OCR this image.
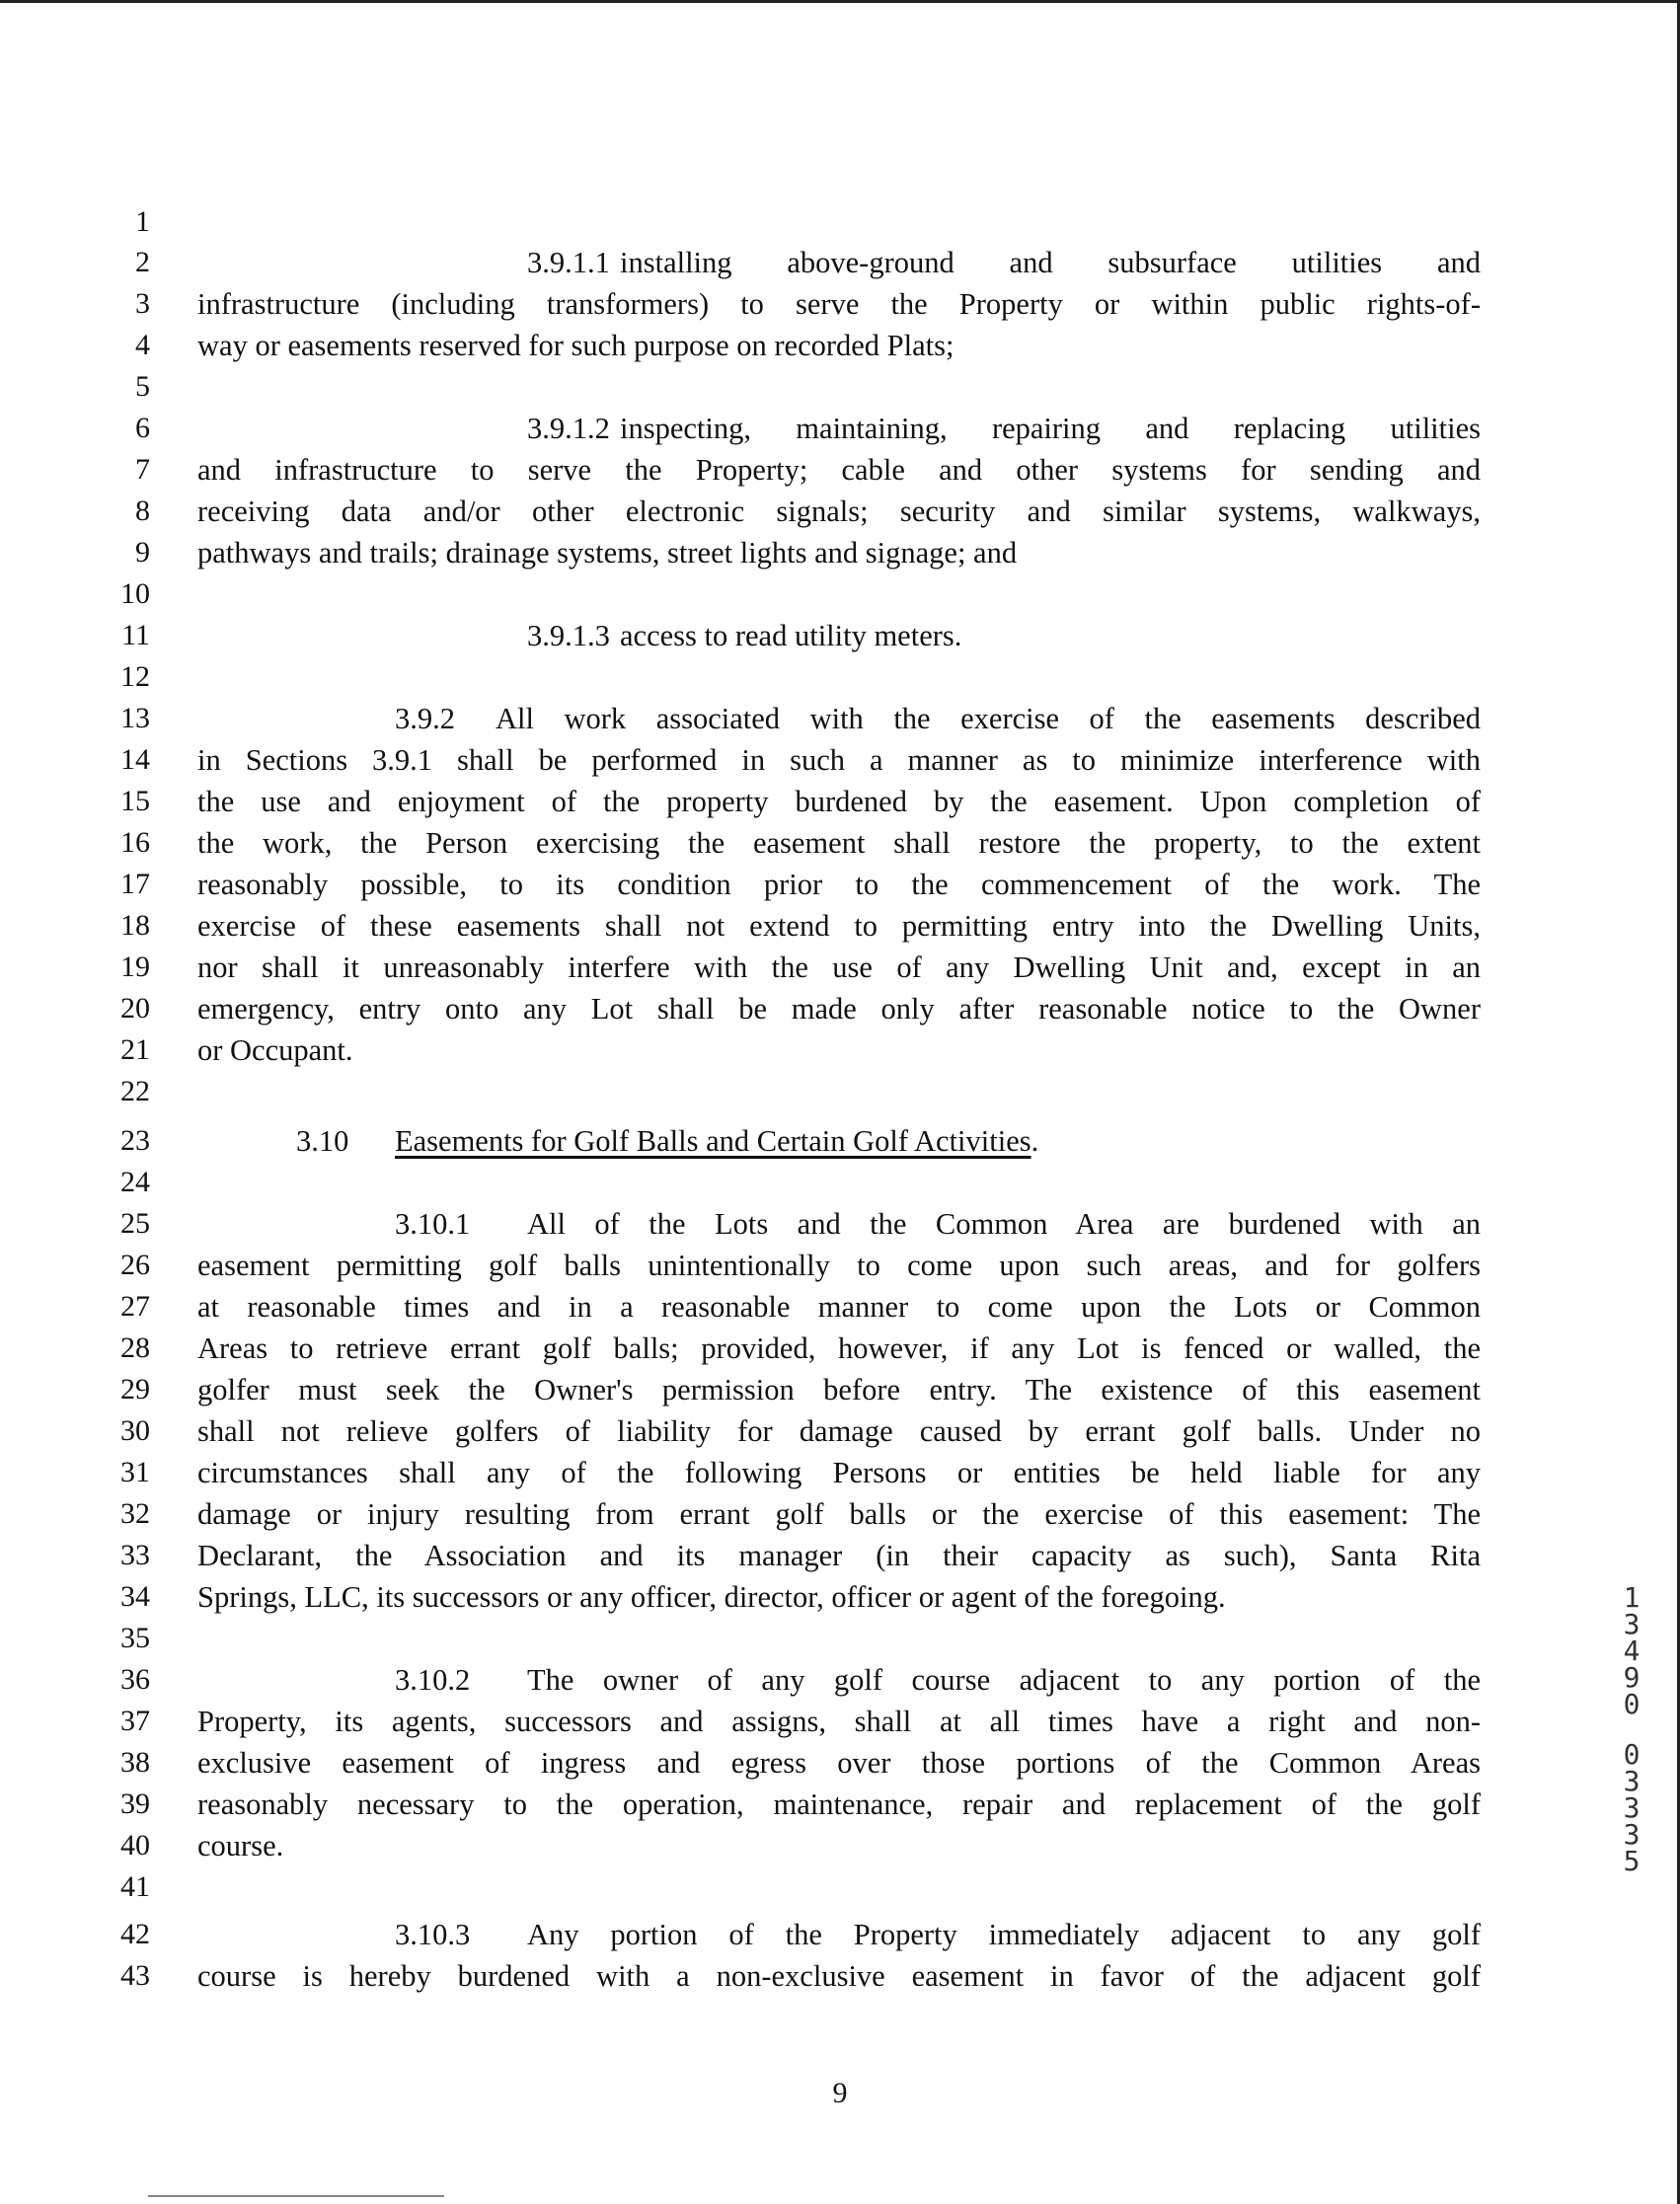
1
2	3.9.1.1 installing above-ground and subsurface utilities and
3 infrastructure (including transformers) to serve the Property or within public rights-of-
4 way or easements reserved for such purpose on recorded Plats;
5
6	3.9.1.2 inspecting, maintaining, repairing and replacing utilities
7 and infrastructure to serve the Property; cable and other systems for sending and
8 receiving data and/or other electronic signals; security and similar systems, walkways,
9 pathways and trails; drainage systems, street lights and signage; and
10
11	3.9.1.3 access to read utility meters.
12
13	3.9.2 All work associated with the exercise of the easements described
14 in Sections 3.9.1 shall be performed in such a manner as to minimize interference with
15 the use and enjoyment of the property burdened by the easement. Upon completion of
16 the work, the Person exercising the easement shall restore the property, to the extent
17 reasonably possible, to its condition prior to the commencement of the work. The
18 exercise of these easements shall not extend to permitting entry into the Dwelling Units,
19 nor shall it unreasonably interfere with the use of any Dwelling Unit and, except in an
20 emergency, entry onto any Lot shall be made only after reasonable notice to the Owner
21 or Occupant.
22
23	3.10 Easements for Golf Balls and Certain Golf Activities.
24
25	3.10.1 All of the Lots and the Common Area are burdened with an
26 easement permitting golf balls unintentionally to come upon such areas, and for golfers
27 at reasonable times and in a reasonable manner to come upon the Lots or Common
28 Areas to retrieve errant golf balls; provided, however, if any Lot is fenced or walled, the
29 golfer must seek the Owner's permission before entry. The existence of this easement
30 shall not relieve golfers of liability for damage caused by errant golf balls. Under no
31 circumstances shall any of the following Persons or entities be held liable for any
32 damage or injury resulting from errant golf balls or the exercise of this easement: The
33 Declarant, the Association and its manager (in their capacity as such), Santa Rita
34 Springs, LLC, its successors or any officer, director, officer or agent of the foregoing.
35
36	3.10.2 The owner of any golf course adjacent to any portion of the
37 Property, its agents, successors and assigns, shall at all times have a right and non-
38 exclusive easement of ingress and egress over those portions of the Common Areas
39 reasonably necessary to the operation, maintenance, repair and replacement of the golf
40 course.
41
42	3.10.3 Any portion of the Property immediately adjacent to any golf
43 course is hereby burdened with a non-exclusive easement in favor of the adjacent golf
9
1
3
4
9
0
0
3
3
3
5
